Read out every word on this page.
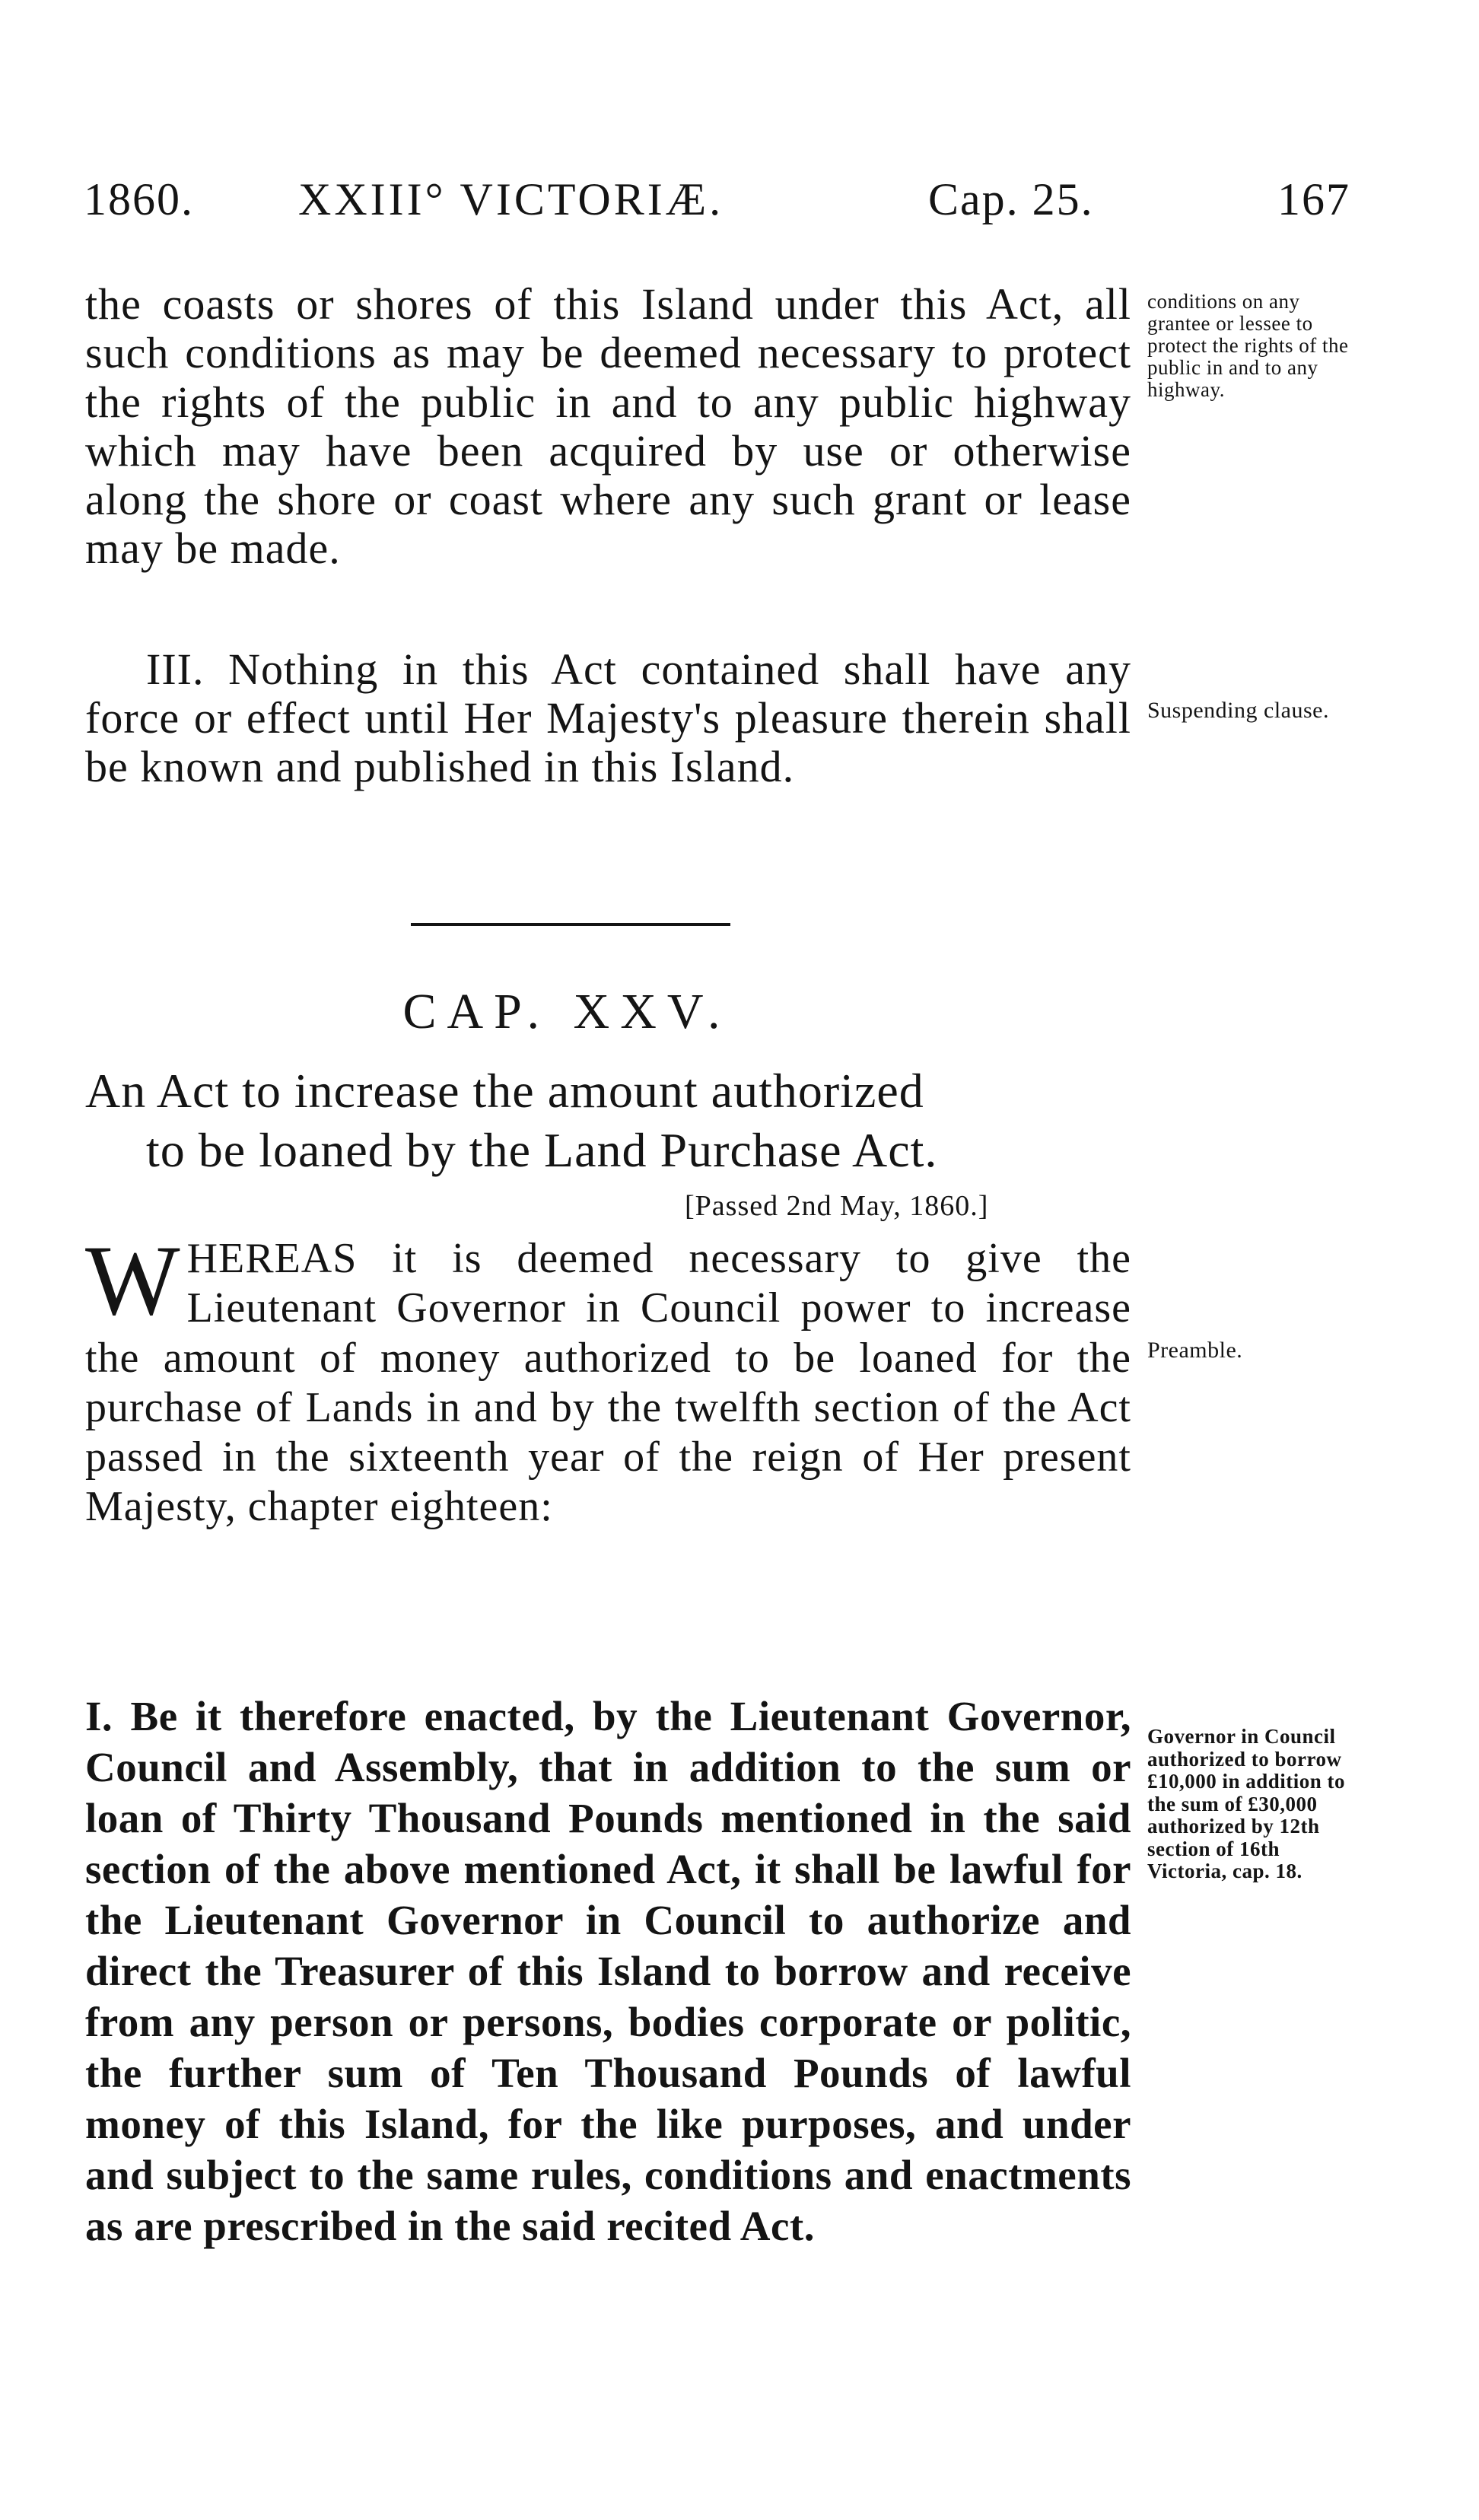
1860. XXIII° VICTORIÆ.	Cap. 25.	167

the coasts or shores of this Island under this Act, all such conditions as may be deemed necessary to protect the rights of the public in and to any public highway which may have been acquired by use or otherwise along the shore or coast where any such grant or lease may be made.

conditions on any grantee or lessee to protect the rights of the public in and to any highway.

III. Nothing in this Act contained shall have any force or effect until Her Majesty's pleasure therein shall be known and published in this Island.

Suspending clause.
CAP. XXV.
An Act to increase the amount authorized
to be loaned by the Land Purchase Act.
[Passed 2nd May, 1860.]

WHEREAS it is deemed necessary to give the Lieutenant Governor in Council power to increase the amount of money authorized to be loaned for the purchase of Lands in and by the twelfth section of the Act passed in the sixteenth year of the reign of Her present Majesty, chapter eighteen:

Preamble.

I. Be it therefore enacted, by the Lieutenant Governor, Council and Assembly, that in addition to the sum or loan of Thirty Thousand Pounds mentioned in the said section of the above mentioned Act, it shall be lawful for the Lieutenant Governor in Council to authorize and direct the Treasurer of this Island to borrow and receive from any person or persons, bodies corporate or politic, the further sum of Ten Thousand Pounds of lawful money of this Island, for the like purposes, and under and subject to the same rules, conditions and enactments as are prescribed in the said recited Act.

Governor in Council authorized to borrow £10,000 in addition to the sum of £30,000 authorized by 12th section of 16th Victoria, cap. 18.
